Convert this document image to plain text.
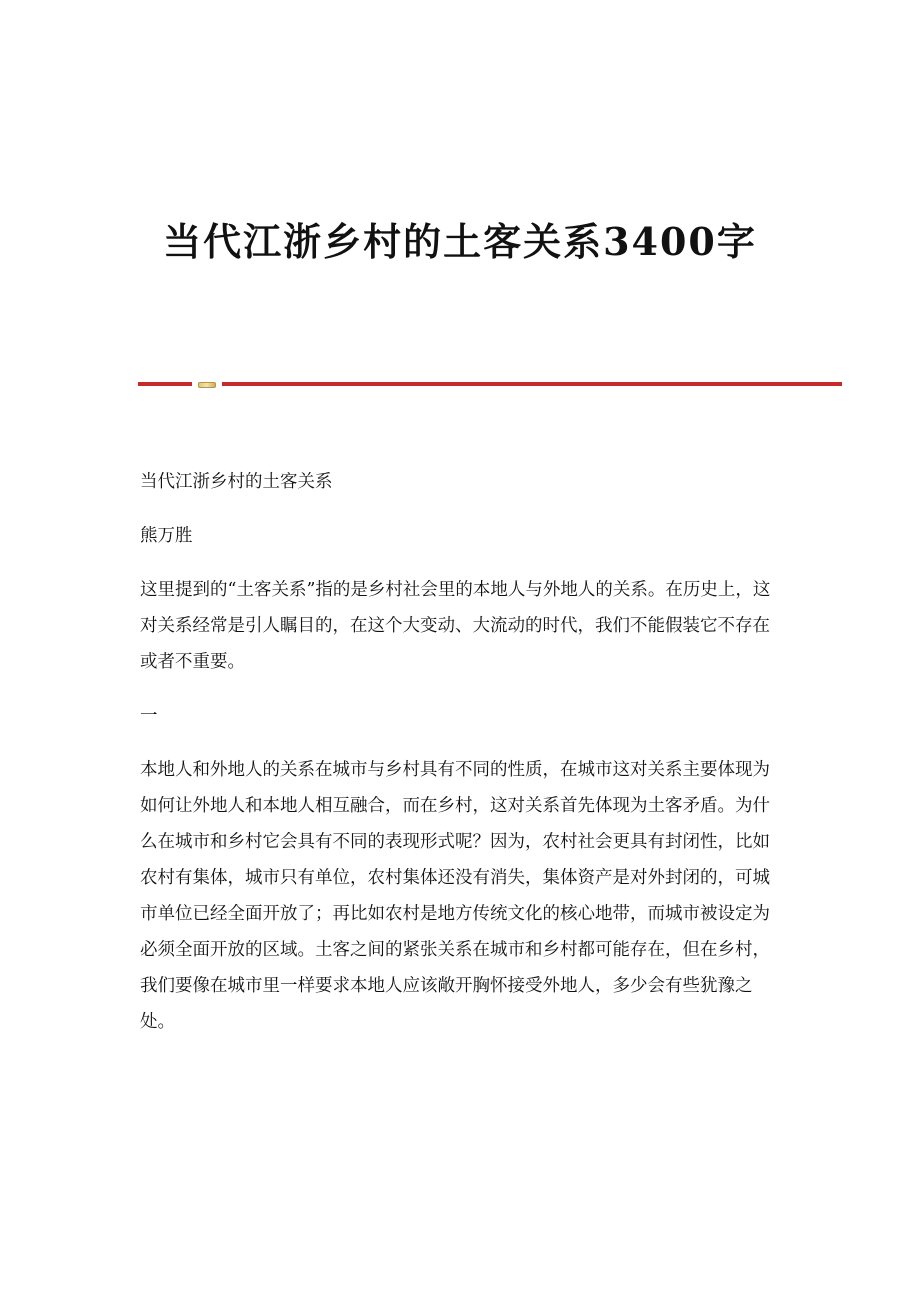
当代江浙乡村的土客关系3400字

当代江浙乡村的土客关系

熊万胜

这里提到的“土客关系”指的是乡村社会里的本地人与外地人的关系。在历史上，这对关系经常是引人瞩目的，在这个大变动、大流动的时代，我们不能假装它不存在或者不重要。

一

本地人和外地人的关系在城市与乡村具有不同的性质，在城市这对关系主要体现为如何让外地人和本地人相互融合，而在乡村，这对关系首先体现为土客矛盾。为什么在城市和乡村它会具有不同的表现形式呢？因为，农村社会更具有封闭性，比如农村有集体，城市只有单位，农村集体还没有消失，集体资产是对外封闭的，可城市单位已经全面开放了；再比如农村是地方传统文化的核心地带，而城市被设定为必须全面开放的区域。土客之间的紧张关系在城市和乡村都可能存在，但在乡村，我们要像在城市里一样要求本地人应该敞开胸怀接受外地人，多少会有些犹豫之处。
